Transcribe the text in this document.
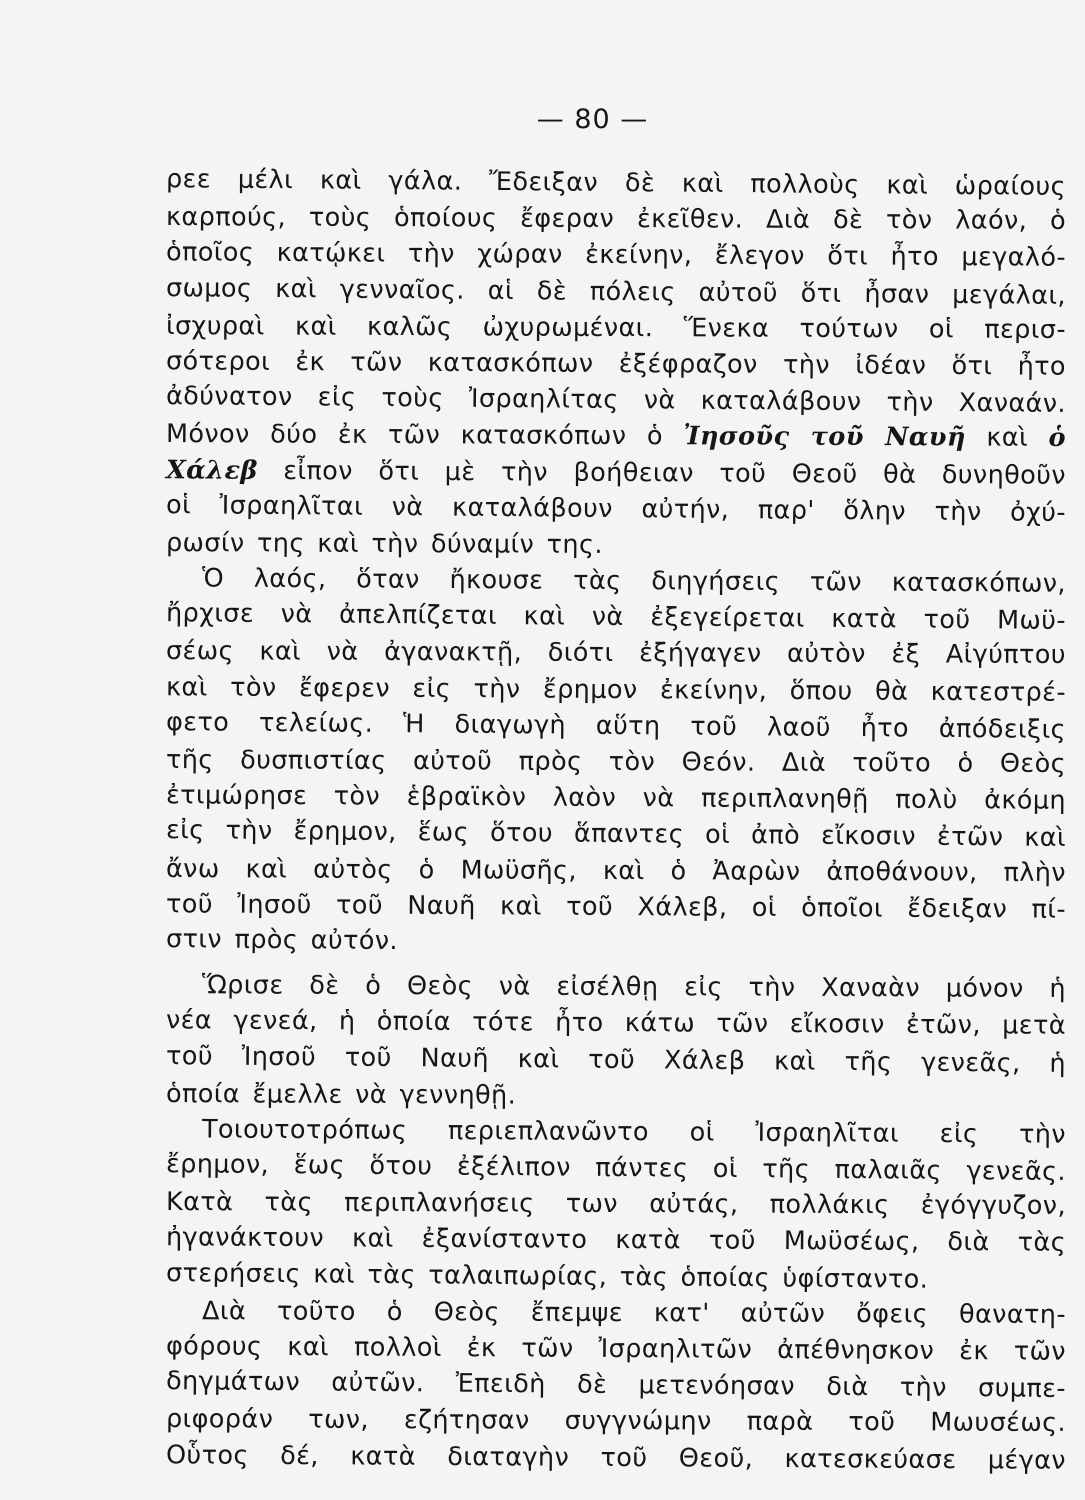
— 80 —
ρεε μέλι καὶ γάλα. Ἔδειξαν δὲ καὶ πολλοὺς καὶ ὡραίους
καρπούς, τοὺς ὁποίους ἔφεραν ἐκεῖθεν. Διὰ δὲ τὸν λαόν, ὁ
ὁποῖος κατῴκει τὴν χώραν ἐκείνην, ἔλεγον ὅτι ἦτο μεγαλό-
σωμος καὶ γενναῖος. αἱ δὲ πόλεις αὐτοῦ ὅτι ἦσαν μεγάλαι,
ἰσχυραὶ καὶ καλῶς ὠχυρωμέναι. Ἕνεκα τούτων οἱ περισ-
σότεροι ἐκ τῶν κατασκόπων ἐξέφραζον τὴν ἰδέαν ὅτι ἦτο
ἀδύνατον εἰς τοὺς Ἰσραηλίτας νὰ καταλάβουν τὴν Χαναάν.
Μόνον δύο ἐκ τῶν κατασκόπων ὁ Ἰησοῦς τοῦ Ναυῆ καὶ ὁ
Χάλεβ εἶπον ὅτι μὲ τὴν βοήθειαν τοῦ Θεοῦ θὰ δυνηθοῦν
οἱ Ἰσραηλῖται νὰ καταλάβουν αὐτήν, παρ' ὅλην τὴν ὀχύ-
ρωσίν της καὶ τὴν δύναμίν της.
Ὁ λαός, ὅταν ἤκουσε τὰς διηγήσεις τῶν κατασκόπων,
ἤρχισε νὰ ἀπελπίζεται καὶ νὰ ἐξεγείρεται κατὰ τοῦ Μωϋ-
σέως καὶ νὰ ἀγανακτῇ, διότι ἐξήγαγεν αὐτὸν ἐξ Αἰγύπτου
καὶ τὸν ἔφερεν εἰς τὴν ἔρημον ἐκείνην, ὅπου θὰ κατεστρέ-
φετο τελείως. Ἡ διαγωγὴ αὕτη τοῦ λαοῦ ἦτο ἀπόδειξις
τῆς δυσπιστίας αὐτοῦ πρὸς τὸν Θεόν. Διὰ τοῦτο ὁ Θεὸς
ἐτιμώρησε τὸν ἑβραϊκὸν λαὸν νὰ περιπλανηθῇ πολὺ ἀκόμη
εἰς τὴν ἔρημον, ἕως ὅτου ἅπαντες οἱ ἀπὸ εἴκοσιν ἐτῶν καὶ
ἄνω καὶ αὐτὸς ὁ Μωϋσῆς, καὶ ὁ Ἀαρὼν ἀποθάνουν, πλὴν
τοῦ Ἰησοῦ τοῦ Ναυῆ καὶ τοῦ Χάλεβ, οἱ ὁποῖοι ἔδειξαν πί-
στιν πρὸς αὐτόν.
Ὥρισε δὲ ὁ Θεὸς νὰ εἰσέλθῃ εἰς τὴν Χαναὰν μόνον ἡ
νέα γενεά, ἡ ὁποία τότε ἦτο κάτω τῶν εἴκοσιν ἐτῶν, μετὰ
τοῦ Ἰησοῦ τοῦ Ναυῆ καὶ τοῦ Χάλεβ καὶ τῆς γενεᾶς, ἡ
ὁποία ἔμελλε νὰ γεννηθῇ.
Τοιουτοτρόπως περιεπλανῶντο οἱ Ἰσραηλῖται εἰς τὴν
ἔρημον, ἕως ὅτου ἐξέλιπον πάντες οἱ τῆς παλαιᾶς γενεᾶς.
Κατὰ τὰς περιπλανήσεις των αὐτάς, πολλάκις ἐγόγγυζον,
ἠγανάκτουν καὶ ἐξανίσταντο κατὰ τοῦ Μωϋσέως, διὰ τὰς
στερήσεις καὶ τὰς ταλαιπωρίας, τὰς ὁποίας ὑφίσταντο.
Διὰ τοῦτο ὁ Θεὸς ἔπεμψε κατ' αὐτῶν ὄφεις θανατη-
φόρους καὶ πολλοὶ ἐκ τῶν Ἰσραηλιτῶν ἀπέθνησκον ἐκ τῶν
δηγμάτων αὐτῶν. Ἐπειδὴ δὲ μετενόησαν διὰ τὴν συμπε-
ριφοράν των, εζήτησαν συγγνώμην παρὰ τοῦ Μωυσέως.
Οὗτος δέ, κατὰ διαταγὴν τοῦ Θεοῦ, κατεσκεύασε μέγαν
